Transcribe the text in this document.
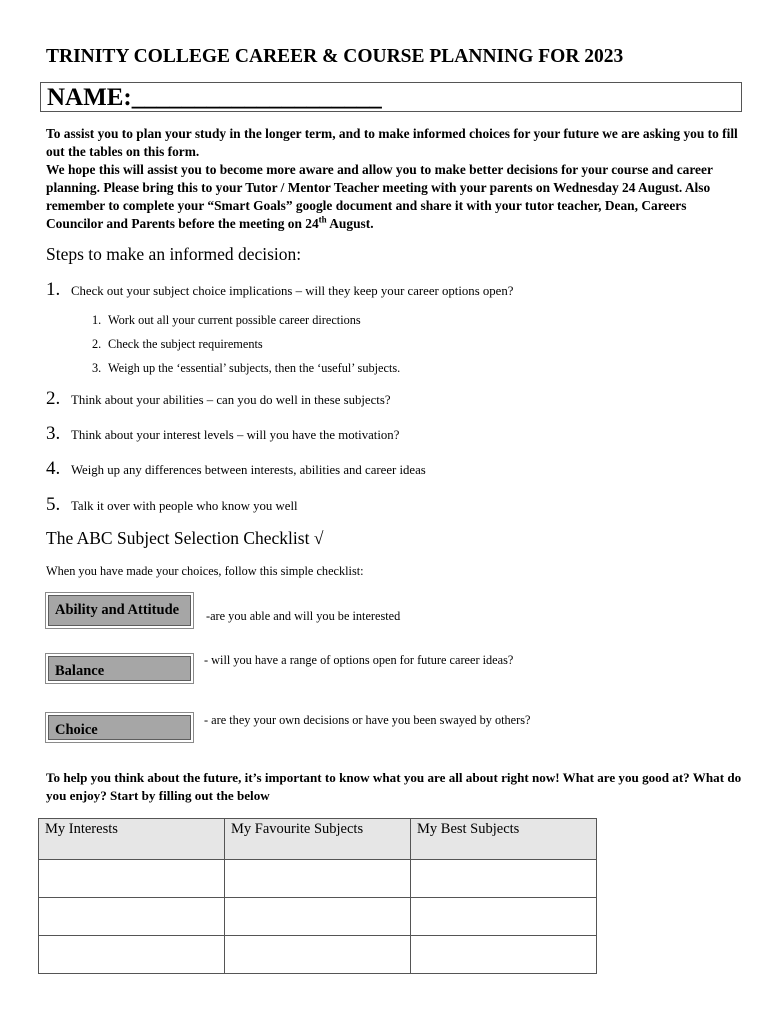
TRINITY COLLEGE CAREER & COURSE PLANNING FOR 2023
NAME:____________________

To assist you to plan your study in the longer term, and to make informed choices for your future we are asking you to fill out the tables on this form.

We hope this will assist you to become more aware and allow you to make better decisions for your course and career planning. Please bring this to your Tutor / Mentor Teacher meeting with your parents on Wednesday 24 August. Also remember to complete your “Smart Goals” google document and share it with your tutor teacher, Dean, Careers Councilor and Parents before the meeting on 24th August.

Steps to make an informed decision:
1. Check out your subject choice implications – will they keep your career options open?
1. Work out all your current possible career directions
2. Check the subject requirements
3. Weigh up the ‘essential’ subjects, then the ‘useful’ subjects.
2. Think about your abilities – can you do well in these subjects?
3. Think about your interest levels – will you have the motivation?
4. Weigh up any differences between interests, abilities and career ideas
5. Talk it over with people who know you well
The ABC Subject Selection Checklist √
When you have made your choices, follow this simple checklist:
Ability and Attitude	-are you able and will you be interested
Balance
- will you have a range of options open for future career ideas?
Choice
- are they your own decisions or have you been swayed by others?

To help you think about the future, it’s important to know what you are all about right now! What are you good at? What do you enjoy? Start by filling out the below

My Interests	My Favourite Subjects	My Best Subjects
